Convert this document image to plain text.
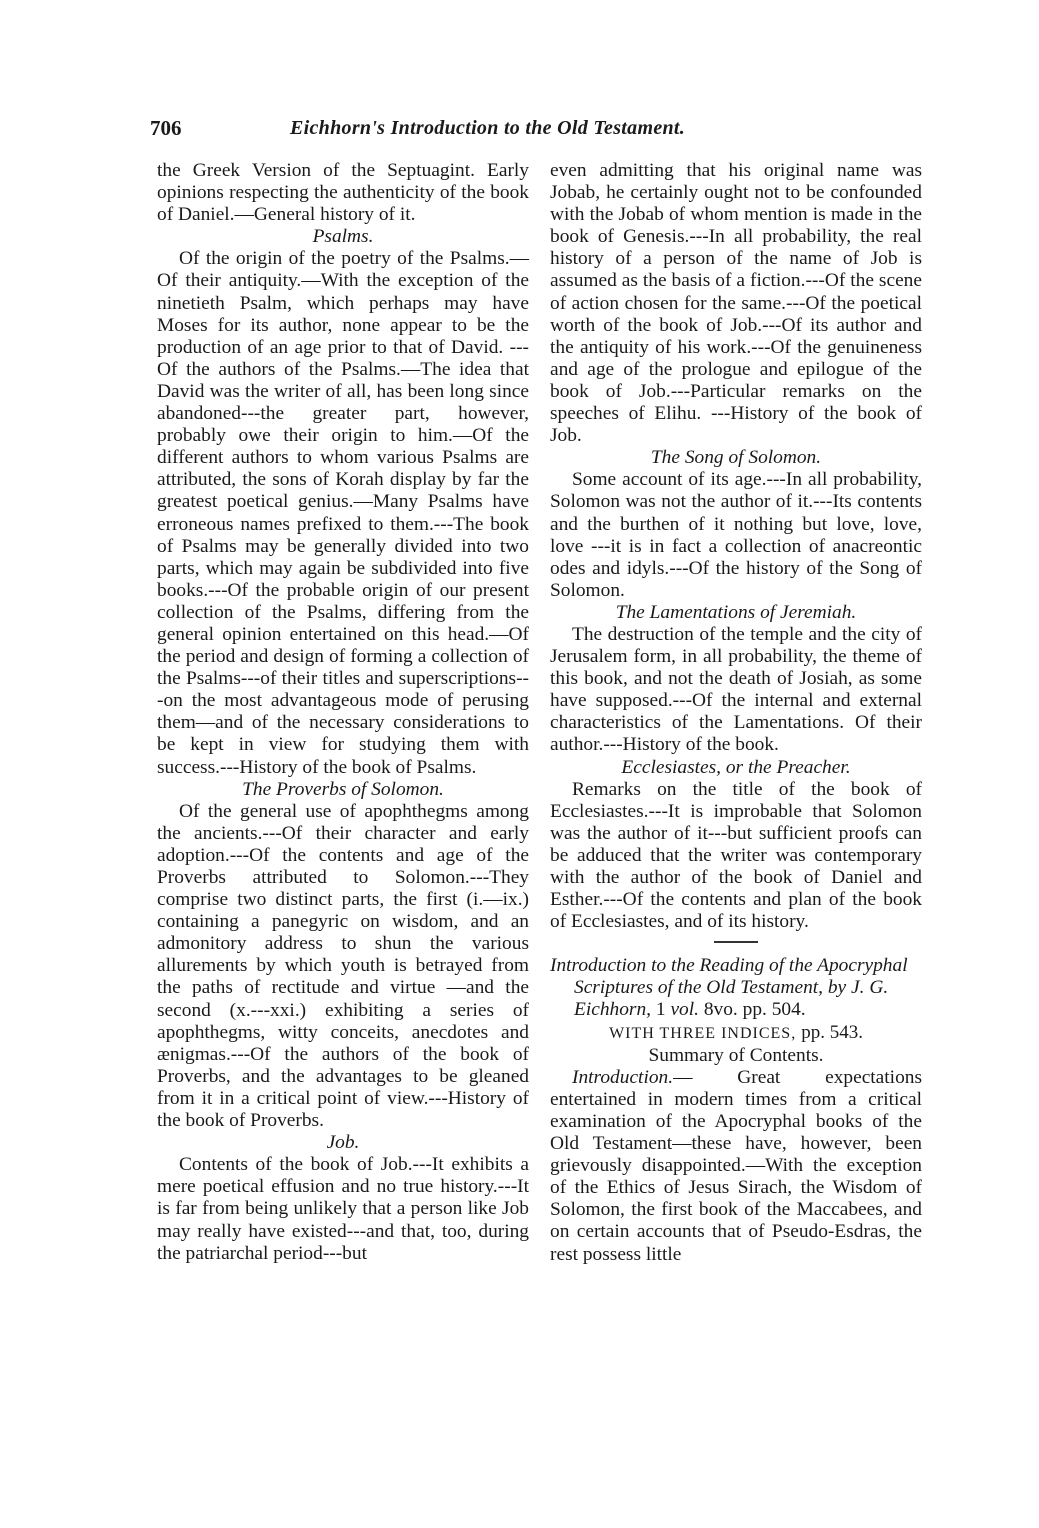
706	Eichhorn's Introduction to the Old Testament.

the Greek Version of the Septuagint. Early opinions respecting the authenticity of the book of Daniel.—General history of it.

Psalms.

Of the origin of the poetry of the Psalms.—Of their antiquity.—With the exception of the ninetieth Psalm, which perhaps may have Moses for its author, none appear to be the production of an age prior to that of David. ---Of the authors of the Psalms.—The idea that David was the writer of all, has been long since abandoned---the greater part, however, probably owe their origin to him.—Of the different authors to whom various Psalms are attributed, the sons of Korah display by far the greatest poetical genius.—Many Psalms have erroneous names prefixed to them.---The book of Psalms may be generally divided into two parts, which may again be subdivided into five books.---Of the probable origin of our present collection of the Psalms, differing from the general opinion entertained on this head.—Of the period and design of forming a collection of the Psalms---of their titles and superscriptions---on the most advantageous mode of perusing them—and of the necessary considerations to be kept in view for studying them with success.---History of the book of Psalms.

The Proverbs of Solomon.

Of the general use of apophthegms among the ancients.---Of their character and early adoption.---Of the contents and age of the Proverbs attributed to Solomon.---They comprise two distinct parts, the first (i.—ix.) containing a panegyric on wisdom, and an admonitory address to shun the various allurements by which youth is betrayed from the paths of rectitude and virtue —and the second (x.---xxi.) exhibiting a series of apophthegms, witty conceits, anecdotes and ænigmas.---Of the authors of the book of Proverbs, and the advantages to be gleaned from it in a critical point of view.---History of the book of Proverbs.

Job.

Contents of the book of Job.---It exhibits a mere poetical effusion and no true history.---It is far from being unlikely that a person like Job may really have existed---and that, too, during the patriarchal period---but

even admitting that his original name was Jobab, he certainly ought not to be confounded with the Jobab of whom mention is made in the book of Genesis.---In all probability, the real history of a person of the name of Job is assumed as the basis of a fiction.---Of the scene of action chosen for the same.---Of the poetical worth of the book of Job.---Of its author and the antiquity of his work.---Of the genuineness and age of the prologue and epilogue of the book of Job.---Particular remarks on the speeches of Elihu. ---History of the book of Job.

The Song of Solomon.

Some account of its age.---In all probability, Solomon was not the author of it.---Its contents and the burthen of it nothing but love, love, love ---it is in fact a collection of anacreontic odes and idyls.---Of the history of the Song of Solomon.

The Lamentations of Jeremiah.

The destruction of the temple and the city of Jerusalem form, in all probability, the theme of this book, and not the death of Josiah, as some have supposed.---Of the internal and external characteristics of the Lamentations. Of their author.---History of the book.

Ecclesiastes, or the Preacher.

Remarks on the title of the book of Ecclesiastes.---It is improbable that Solomon was the author of it---but sufficient proofs can be adduced that the writer was contemporary with the author of the book of Daniel and Esther.---Of the contents and plan of the book of Ecclesiastes, and of its history.

Introduction to the Reading of the Apocryphal Scriptures of the Old Testament, by J. G. Eichhorn, 1 vol. 8vo. pp. 504.

WITH THREE INDICES, pp. 543.

Summary of Contents.

Introduction.— Great expectations entertained in modern times from a critical examination of the Apocryphal books of the Old Testament—these have, however, been grievously disappointed.—With the exception of the Ethics of Jesus Sirach, the Wisdom of Solomon, the first book of the Maccabees, and on certain accounts that of Pseudo-Esdras, the rest possess little
